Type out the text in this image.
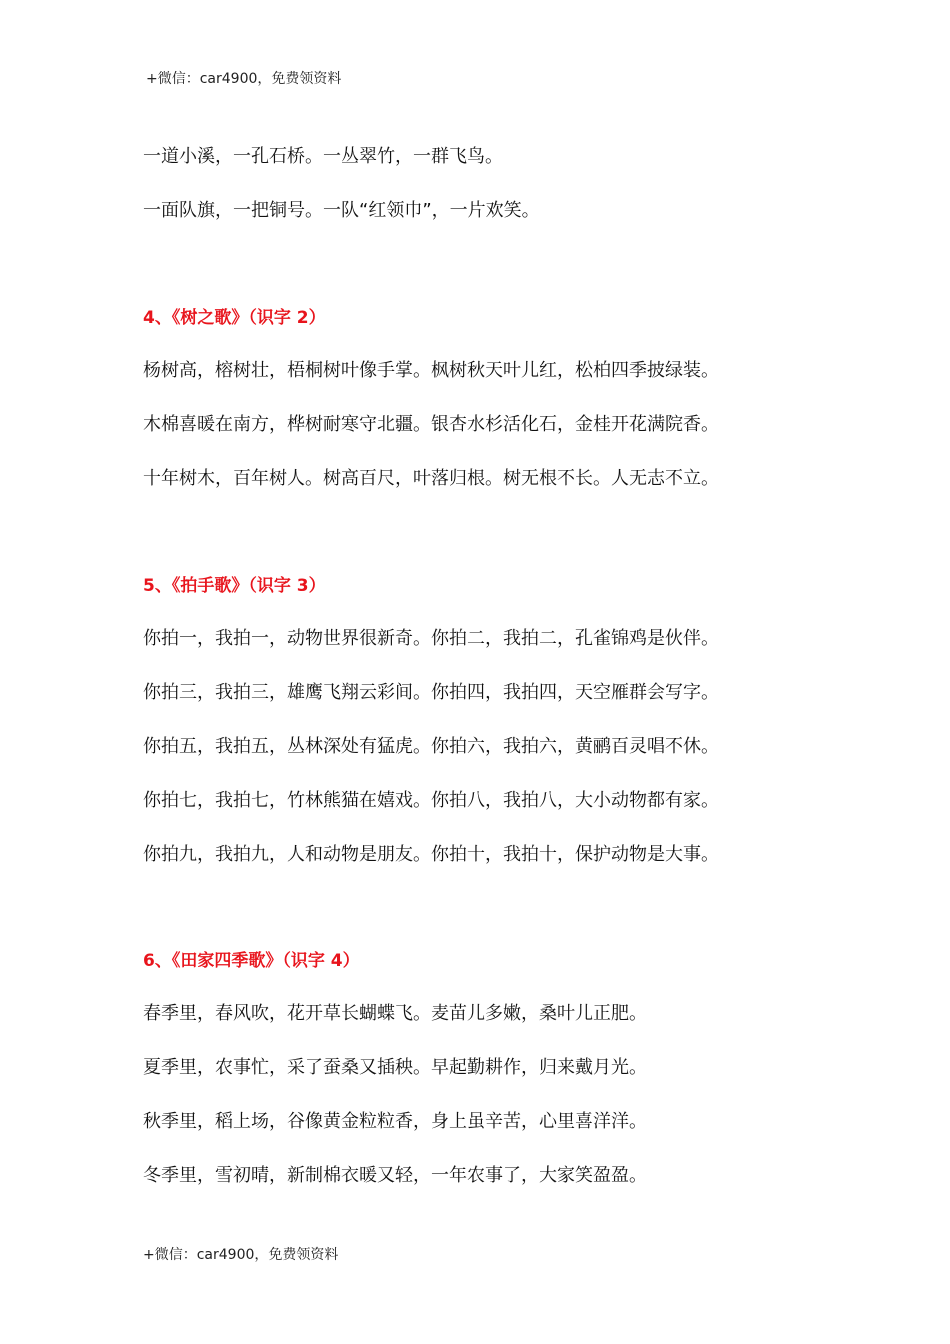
+微信：car4900，免费领资料
一道小溪，一孔石桥。一丛翠竹，一群飞鸟。
一面队旗，一把铜号。一队“红领巾”，一片欢笑。
4、《树之歌》（识字 2）
杨树高，榕树壮，梧桐树叶像手掌。枫树秋天叶儿红，松柏四季披绿装。
木棉喜暖在南方，桦树耐寒守北疆。银杏水杉活化石，金桂开花满院香。
十年树木，百年树人。树高百尺，叶落归根。树无根不长。人无志不立。
5、《拍手歌》（识字 3）
你拍一，我拍一，动物世界很新奇。你拍二，我拍二，孔雀锦鸡是伙伴。
你拍三，我拍三，雄鹰飞翔云彩间。你拍四，我拍四，天空雁群会写字。
你拍五，我拍五，丛林深处有猛虎。你拍六，我拍六，黄鹂百灵唱不休。
你拍七，我拍七，竹林熊猫在嬉戏。你拍八，我拍八，大小动物都有家。
你拍九，我拍九，人和动物是朋友。你拍十，我拍十，保护动物是大事。
6、《田家四季歌》（识字 4）
春季里，春风吹，花开草长蝴蝶飞。麦苗儿多嫩，桑叶儿正肥。
夏季里，农事忙，采了蚕桑又插秧。早起勤耕作，归来戴月光。
秋季里，稻上场，谷像黄金粒粒香，身上虽辛苦，心里喜洋洋。
冬季里，雪初晴，新制棉衣暖又轻，一年农事了，大家笑盈盈。
+微信：car4900，免费领资料
